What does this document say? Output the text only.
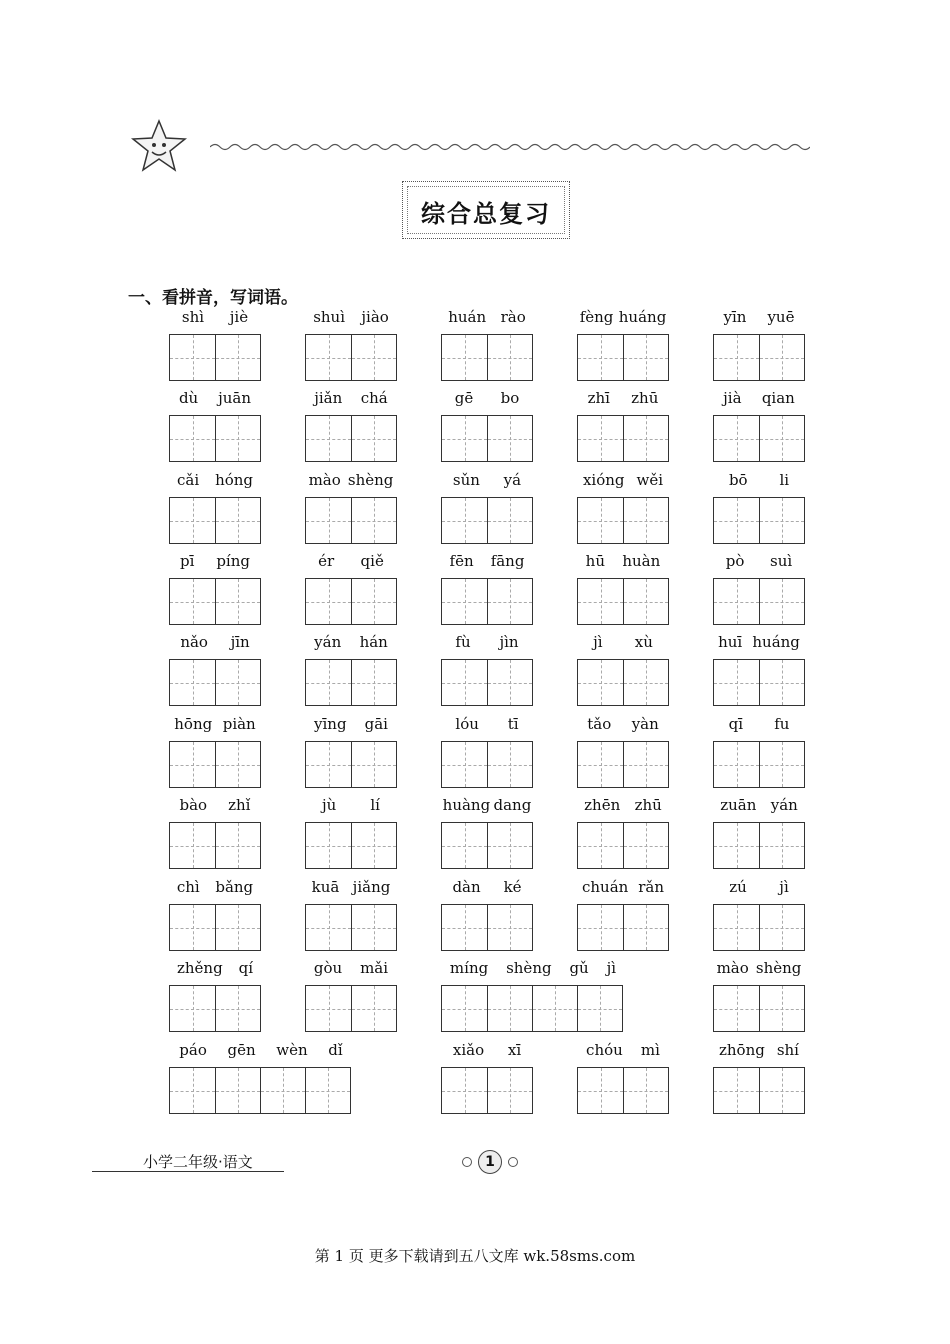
综合总复习
一、看拼音，写词语。
shì jiè	shuì jiào	huán rào	fèng huáng	yīn yuē
dù juān	jiǎn chá	gē bo	zhī zhū	jià qian
cǎi hóng	mào shèng	sǔn yá	xióng wěi	bō li
pī píng	ér qiě	fēn fāng	hū huàn	pò suì
nǎo jīn	yán hán	fù jìn	jì xù	huī huáng
hōng piàn	yīng gāi	lóu tī	tǎo yàn	qī fu
bào zhǐ	jù lí	huàng dang	zhēn zhū	zuān yán
chì bǎng	kuā jiǎng	dàn ké	chuán rǎn	zú jì
zhěng qí	gòu mǎi	míng shèng gǔ jì	mào shèng
páo gēn wèn dǐ	xiǎo xī	chóu mì	zhōng shí
小学二年级·语文	1
第 1 页 更多下载请到五八文库 wk.58sms.com
